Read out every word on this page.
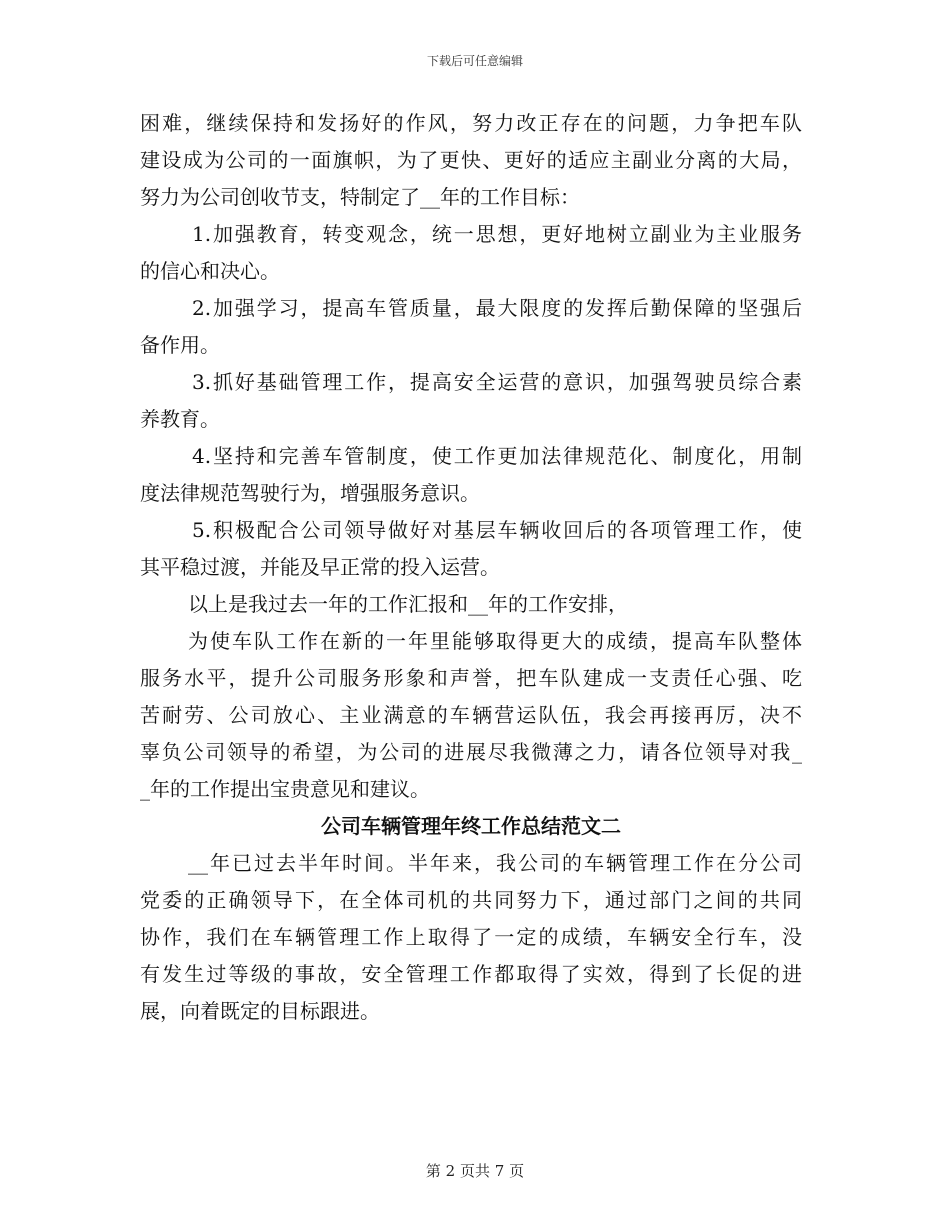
下载后可任意编辑
困难，继续保持和发扬好的作风，努力改正存在的问题，力争把车队
建设成为公司的一面旗帜，为了更快、更好的适应主副业分离的大局，
努力为公司创收节支，特制定了__年的工作目标：
1.加强教育，转变观念，统一思想，更好地树立副业为主业服务
的信心和决心。
2.加强学习，提高车管质量，最大限度的发挥后勤保障的坚强后
备作用。
3.抓好基础管理工作，提高安全运营的意识，加强驾驶员综合素
养教育。
4.坚持和完善车管制度，使工作更加法律规范化、制度化，用制
度法律规范驾驶行为，增强服务意识。
5.积极配合公司领导做好对基层车辆收回后的各项管理工作，使
其平稳过渡，并能及早正常的投入运营。
以上是我过去一年的工作汇报和__年的工作安排，
为使车队工作在新的一年里能够取得更大的成绩，提高车队整体
服务水平，提升公司服务形象和声誉，把车队建成一支责任心强、吃
苦耐劳、公司放心、主业满意的车辆营运队伍，我会再接再厉，决不
辜负公司领导的希望，为公司的进展尽我微薄之力，请各位领导对我_
_年的工作提出宝贵意见和建议。
公司车辆管理年终工作总结范文二
__年已过去半年时间。半年来，我公司的车辆管理工作在分公司
党委的正确领导下，在全体司机的共同努力下，通过部门之间的共同
协作，我们在车辆管理工作上取得了一定的成绩，车辆安全行车，没
有发生过等级的事故，安全管理工作都取得了实效，得到了长促的进
展，向着既定的目标跟进。
第 2 页共 7 页
